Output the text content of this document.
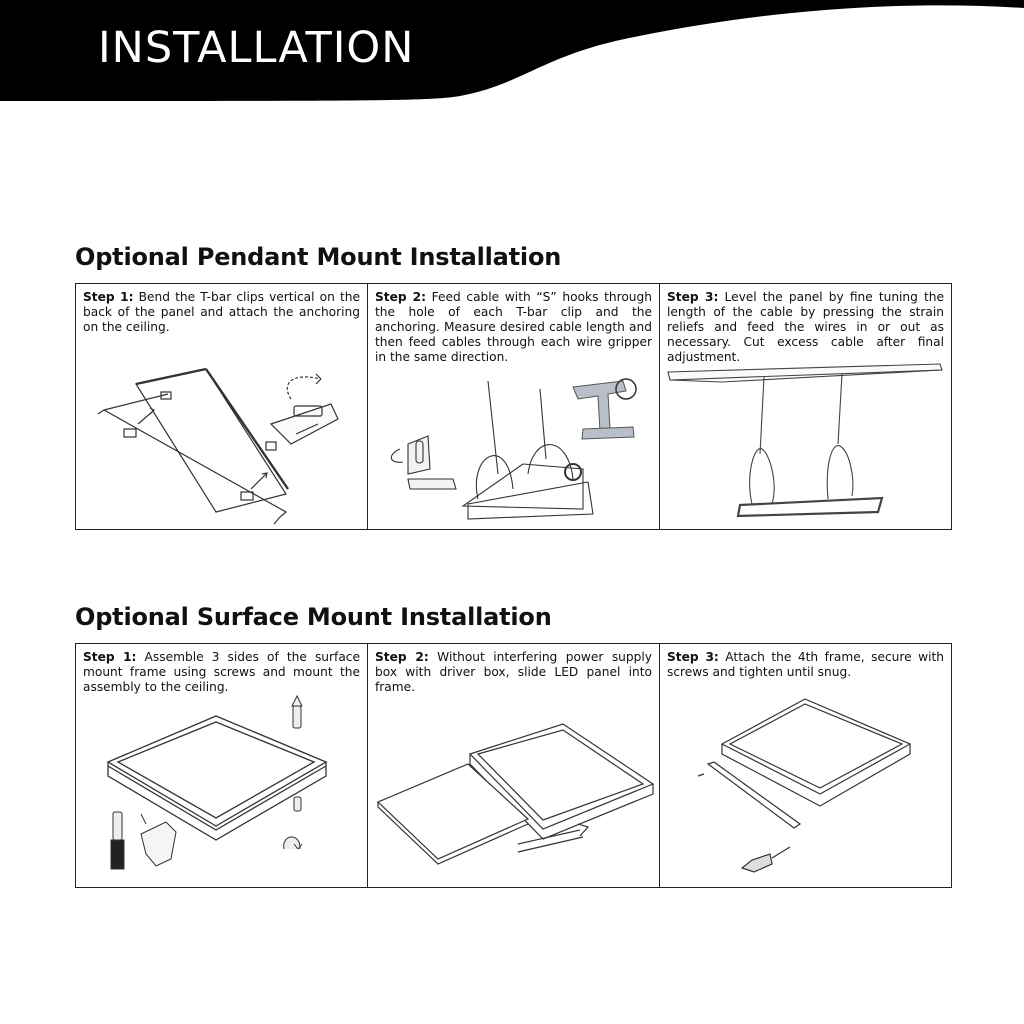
INSTALLATION
Optional Pendant Mount Installation
Step 1: Bend the T-bar clips vertical on the back of the panel and attach the anchoring on the ceiling.
Step 2: Feed cable with “S” hooks through the hole of each T-bar clip and the anchoring. Measure desired cable length and then feed cables through each wire gripper in the same direction.
Step 3: Level the panel by fine tuning the length of the cable by pressing the strain reliefs and feed the wires in or out as necessary. Cut excess cable after final adjustment.
Optional Surface Mount Installation
Step 1: Assemble 3 sides of the surface mount frame using screws and mount the assembly to the ceiling.
Step 2: Without interfering power supply box with driver box, slide LED panel into frame.
Step 3: Attach the 4th frame, secure with screws and tighten until snug.
